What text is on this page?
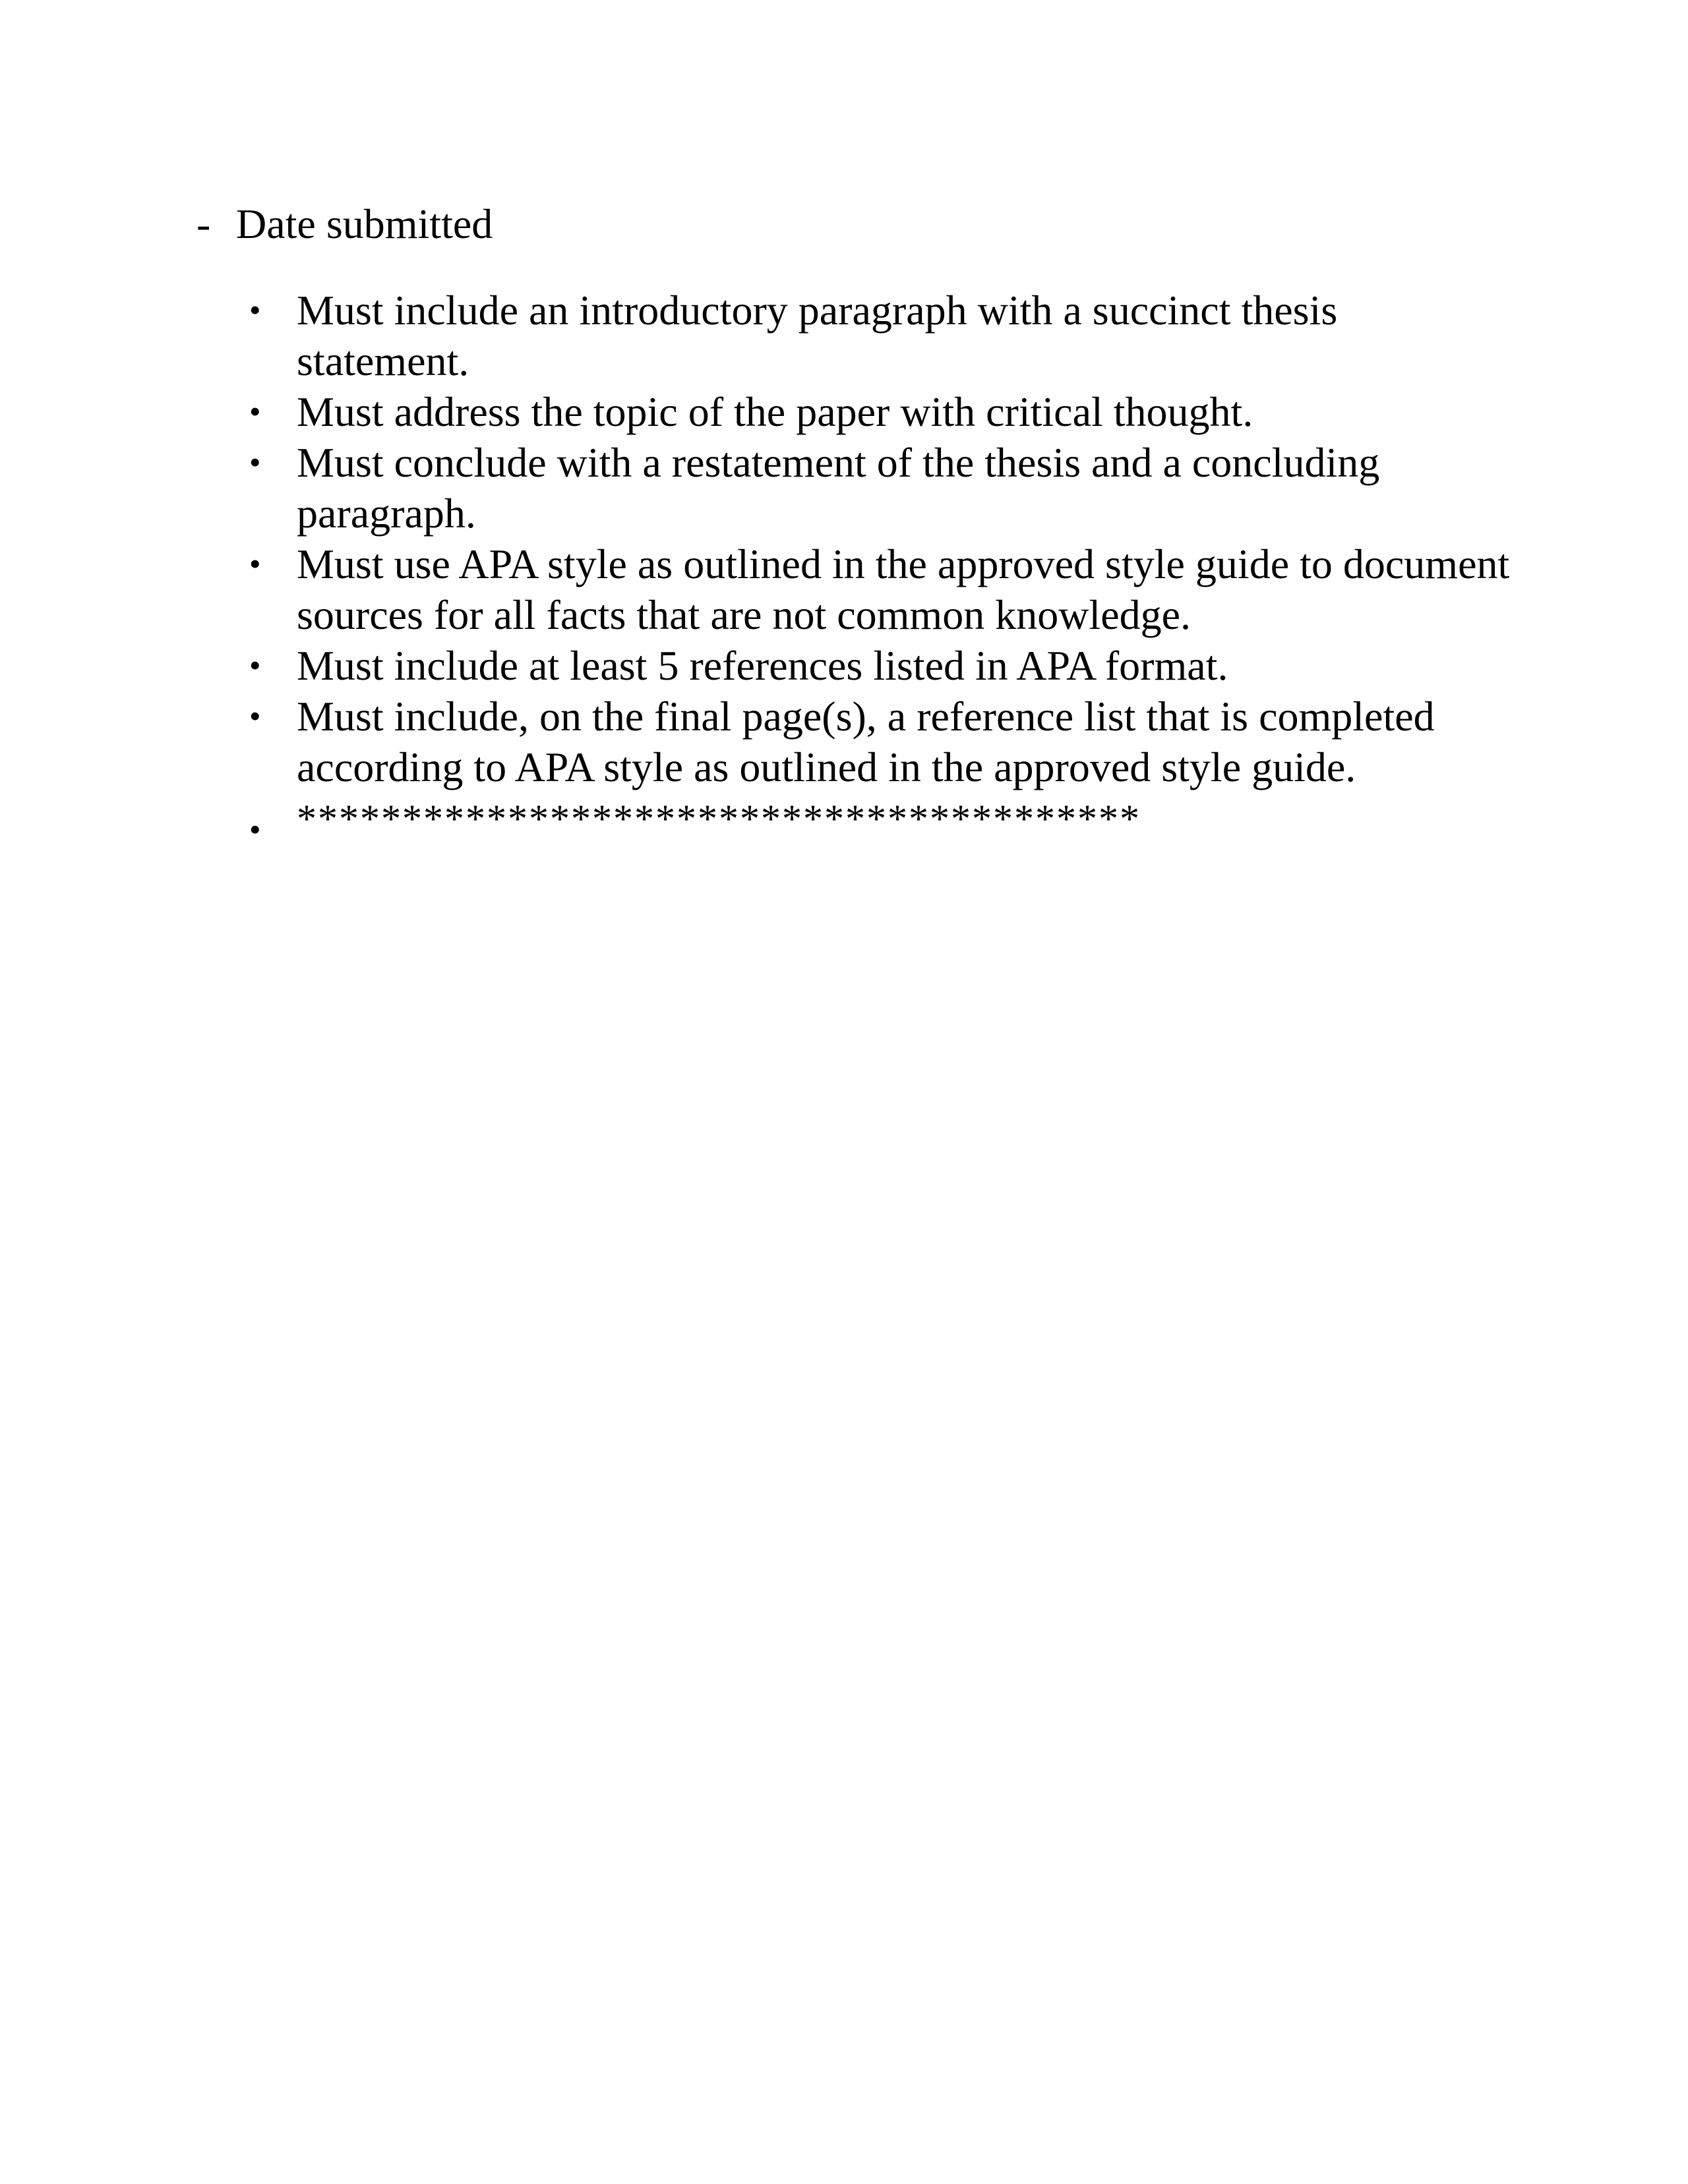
- Date submitted
• Must include an introductory paragraph with a succinct thesis statement.
• Must address the topic of the paper with critical thought.
• Must conclude with a restatement of the thesis and a concluding paragraph.
• Must use APA style as outlined in the approved style guide to document sources for all facts that are not common knowledge.
• Must include at least 5 references listed in APA format.
• Must include, on the final page(s), a reference list that is completed according to APA style as outlined in the approved style guide.
• ****************************************
